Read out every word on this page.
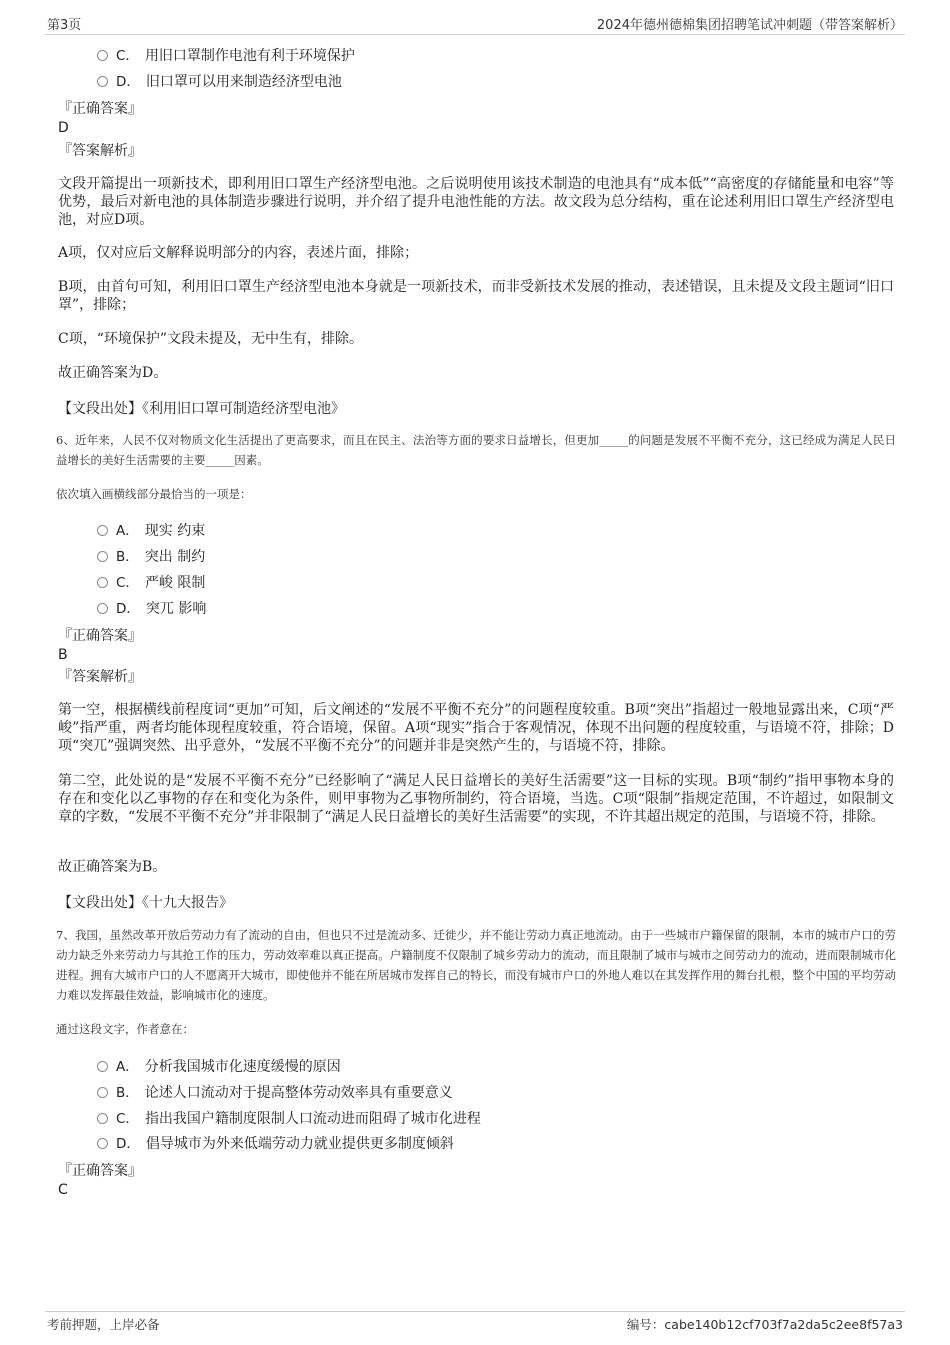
第3页	2024年德州德棉集团招聘笔试冲刺题（带答案解析）
C． 用旧口罩制作电池有利于环境保护
D． 旧口罩可以用来制造经济型电池
『正确答案』
D
『答案解析』
文段开篇提出一项新技术，即利用旧口罩生产经济型电池。之后说明使用该技术制造的电池具有“成本低”“高密度的存储能量和电容”等优势，最后对新电池的具体制造步骤进行说明，并介绍了提升电池性能的方法。故文段为总分结构，重在论述利用旧口罩生产经济型电池，对应D项。
A项，仅对应后文解释说明部分的内容，表述片面，排除；
B项，由首句可知，利用旧口罩生产经济型电池本身就是一项新技术，而非受新技术发展的推动，表述错误，且未提及文段主题词“旧口罩”，排除；
C项，“环境保护”文段未提及，无中生有，排除。
故正确答案为D。
【文段出处】《利用旧口罩可制造经济型电池》
6、近年来，人民不仅对物质文化生活提出了更高要求，而且在民主、法治等方面的要求日益增长，但更加_____的问题是发展不平衡不充分，这已经成为满足人民日益增长的美好生活需要的主要_____因素。
依次填入画横线部分最恰当的一项是：
A． 现实 约束
B． 突出 制约
C． 严峻 限制
D． 突兀 影响
『正确答案』
B
『答案解析』
第一空，根据横线前程度词“更加”可知，后文阐述的“发展不平衡不充分”的问题程度较重。B项“突出”指超过一般地显露出来，C项“严峻”指严重，两者均能体现程度较重，符合语境，保留。A项“现实”指合于客观情况，体现不出问题的程度较重，与语境不符，排除；D项“突兀”强调突然、出乎意外，“发展不平衡不充分”的问题并非是突然产生的，与语境不符，排除。
第二空，此处说的是“发展不平衡不充分”已经影响了“满足人民日益增长的美好生活需要”这一目标的实现。B项“制约”指甲事物本身的存在和变化以乙事物的存在和变化为条件，则甲事物为乙事物所制约，符合语境，当选。C项“限制”指规定范围，不许超过，如限制文章的字数，“发展不平衡不充分”并非限制了“满足人民日益增长的美好生活需要”的实现，不许其超出规定的范围，与语境不符，排除。
故正确答案为B。
【文段出处】《十九大报告》
7、我国，虽然改革开放后劳动力有了流动的自由，但也只不过是流动多、迁徙少，并不能让劳动力真正地流动。由于一些城市户籍保留的限制，本市的城市户口的劳动力缺乏外来劳动力与其抢工作的压力，劳动效率难以真正提高。户籍制度不仅限制了城乡劳动力的流动，而且限制了城市与城市之间劳动力的流动，进而限制城市化进程。拥有大城市户口的人不愿离开大城市，即使他并不能在所居城市发挥自己的特长，而没有城市户口的外地人难以在其发挥作用的舞台扎根，整个中国的平均劳动力难以发挥最佳效益，影响城市化的速度。
通过这段文字，作者意在：
A． 分析我国城市化速度缓慢的原因
B． 论述人口流动对于提高整体劳动效率具有重要意义
C． 指出我国户籍制度限制人口流动进而阻碍了城市化进程
D． 倡导城市为外来低端劳动力就业提供更多制度倾斜
『正确答案』
C
考前押题，上岸必备	编号：cabe140b12cf703f7a2da5c2ee8f57a3
